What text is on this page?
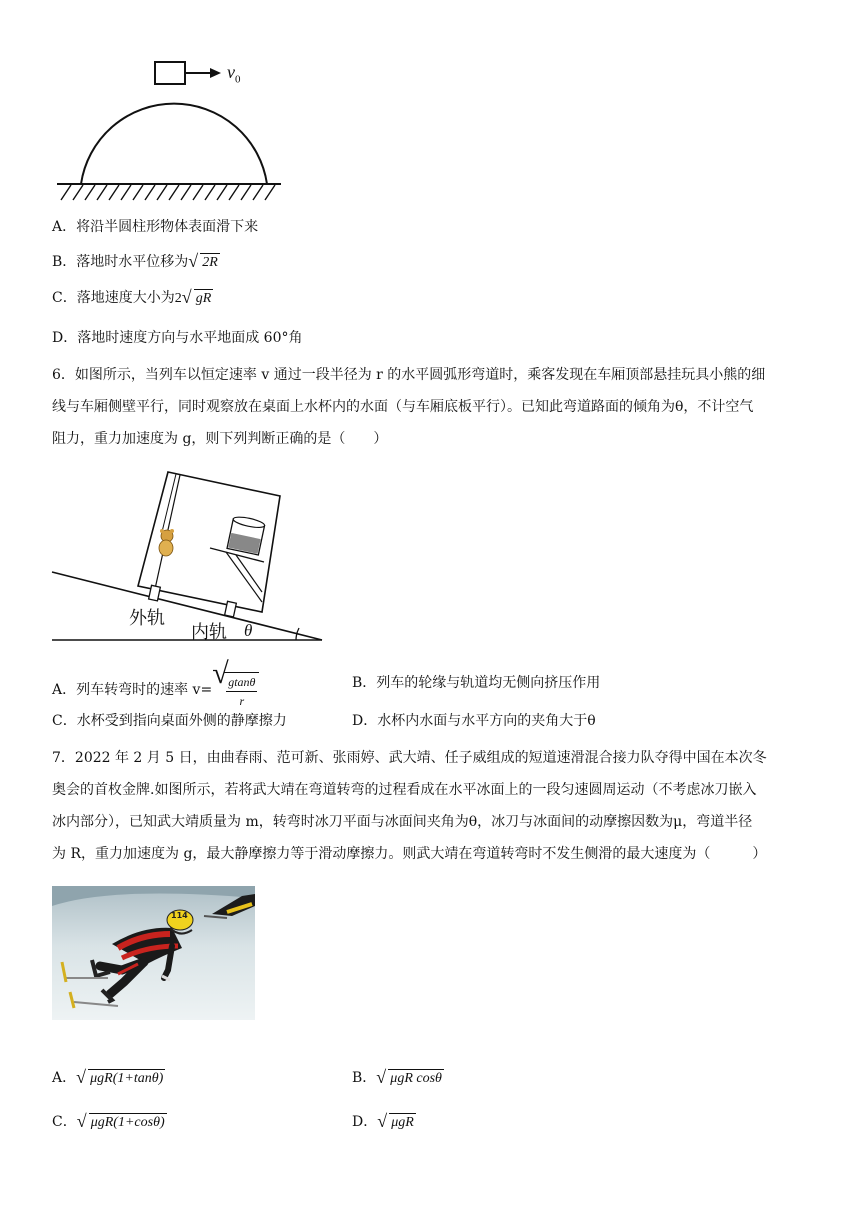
$v_0$
A．将沿半圆柱形物体表面滑下来
B．落地时水平位移为 √ 2R
C．落地速度大小为2 √ gR
D．落地时速度方向与水平地面成 60°角
6．如图所示，当列车以恒定速率 v 通过一段半径为 r 的水平圆弧形弯道时，乘客发现在车厢顶部悬挂玩具小熊的细
线与车厢侧壁平行，同时观察放在桌面上水杯内的水面（与车厢底板平行）。已知此弯道路面的倾角为θ，不计空气
阻力，重力加速度为 g，则下列判断正确的是（　　）
外轨
内轨 θ
A．列车转弯时的速率 v=
√
$\frac{gtan\theta}{r}$	B．列车的轮缘与轨道均无侧向挤压作用
C．水杯受到指向桌面外侧的静摩擦力	D．水杯内水面与水平方向的夹角大于θ
7．2022 年 2 月 5 日，由曲春雨、范可新、张雨婷、武大靖、任子威组成的短道速滑混合接力队夺得中国在本次冬
奥会的首枚金牌.如图所示，若将武大靖在弯道转弯的过程看成在水平冰面上的一段匀速圆周运动（不考虑冰刀嵌入
冰内部分），已知武大靖质量为 m，转弯时冰刀平面与冰面间夹角为θ，冰刀与冰面间的动摩擦因数为μ，弯道半径
为 R，重力加速度为 g，最大静摩擦力等于滑动摩擦力。则武大靖在弯道转弯时不发生侧滑的最大速度为（　　　）
114
A． √ μgR(1+tanθ)	B． √ μgR cosθ
C． √ μgR(1+cosθ)	D． √ μgR
